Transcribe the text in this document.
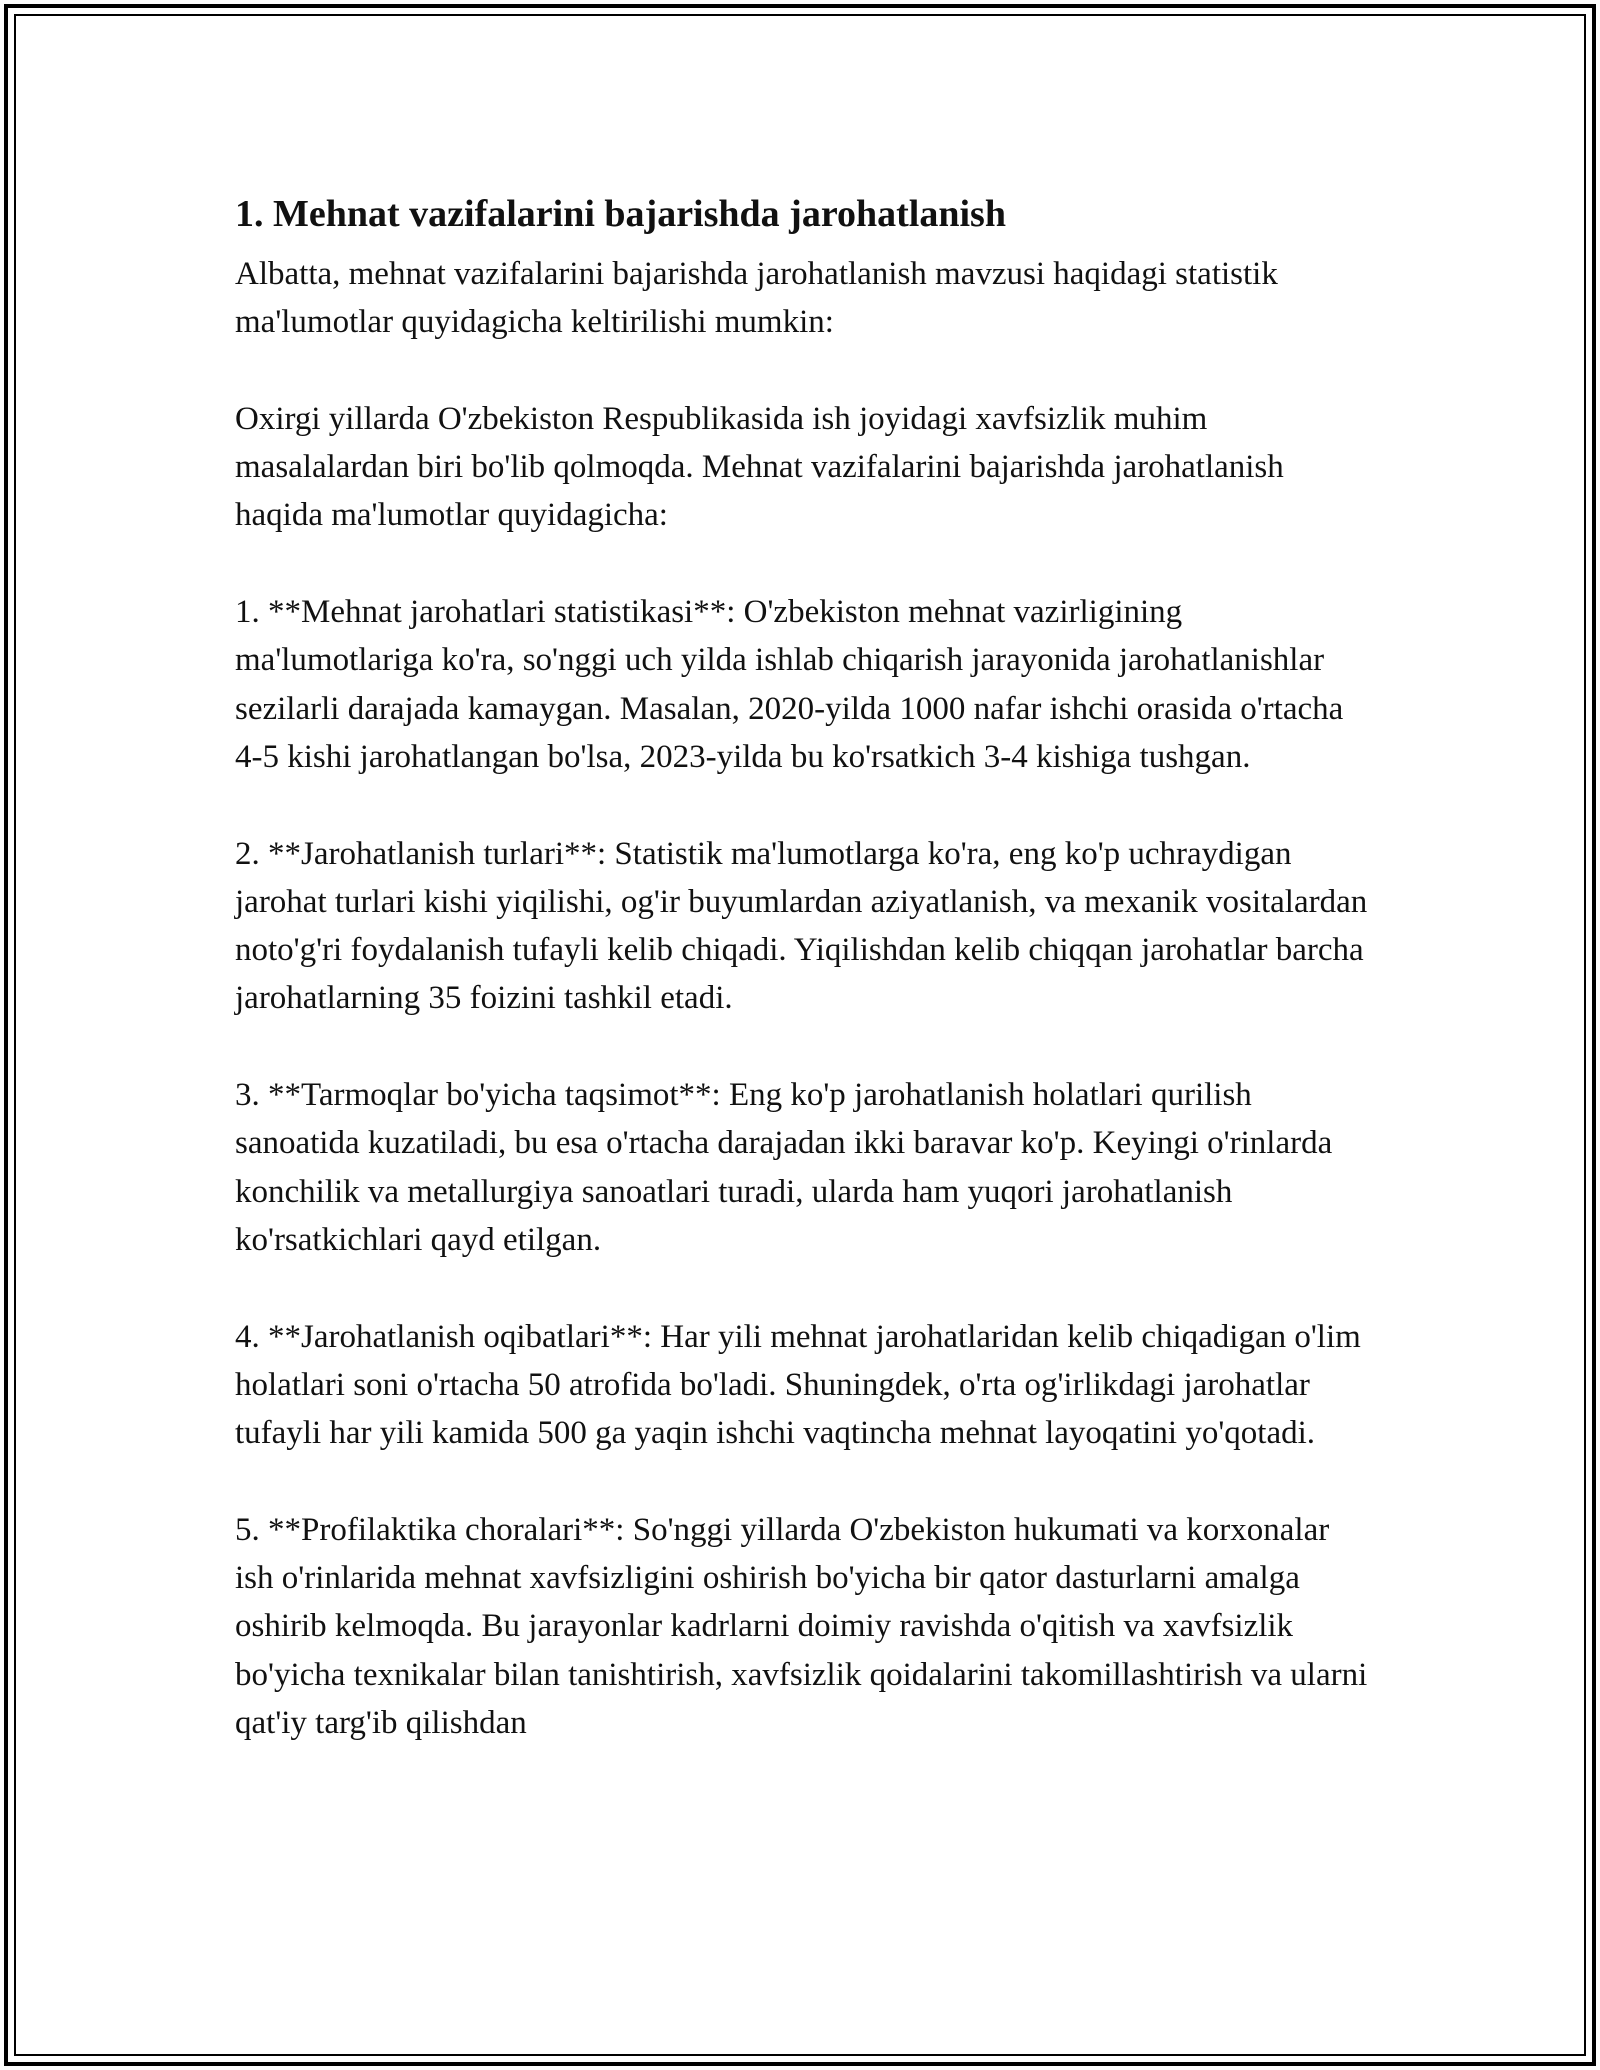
1. Mehnat vazifalarini bajarishda jarohatlanish

Albatta, mehnat vazifalarini bajarishda jarohatlanish mavzusi haqidagi statistik ma'lumotlar quyidagicha keltirilishi mumkin:

Oxirgi yillarda O'zbekiston Respublikasida ish joyidagi xavfsizlik muhim masalalardan biri bo'lib qolmoqda. Mehnat vazifalarini bajarishda jarohatlanish haqida ma'lumotlar quyidagicha:

1. **Mehnat jarohatlari statistikasi**: O'zbekiston mehnat vazirligining ma'lumotlariga ko'ra, so'nggi uch yilda ishlab chiqarish jarayonida jarohatlanishlar sezilarli darajada kamaygan. Masalan, 2020-yilda 1000 nafar ishchi orasida o'rtacha 4-5 kishi jarohatlangan bo'lsa, 2023-yilda bu ko'rsatkich 3-4 kishiga tushgan.

2. **Jarohatlanish turlari**: Statistik ma'lumotlarga ko'ra, eng ko'p uchraydigan jarohat turlari kishi yiqilishi, og'ir buyumlardan aziyatlanish, va mexanik vositalardan noto'g'ri foydalanish tufayli kelib chiqadi. Yiqilishdan kelib chiqqan jarohatlar barcha jarohatlarning 35 foizini tashkil etadi.

3. **Tarmoqlar bo'yicha taqsimot**: Eng ko'p jarohatlanish holatlari qurilish sanoatida kuzatiladi, bu esa o'rtacha darajadan ikki baravar ko'p. Keyingi o'rinlarda konchilik va metallurgiya sanoatlari turadi, ularda ham yuqori jarohatlanish ko'rsatkichlari qayd etilgan.

4. **Jarohatlanish oqibatlari**: Har yili mehnat jarohatlaridan kelib chiqadigan o'lim holatlari soni o'rtacha 50 atrofida bo'ladi. Shuningdek, o'rta og'irlikdagi jarohatlar tufayli har yili kamida 500 ga yaqin ishchi vaqtincha mehnat layoqatini yo'qotadi.

5. **Profilaktika choralari**: So'nggi yillarda O'zbekiston hukumati va korxonalar ish o'rinlarida mehnat xavfsizligini oshirish bo'yicha bir qator dasturlarni amalga oshirib kelmoqda. Bu jarayonlar kadrlarni doimiy ravishda o'qitish va xavfsizlik bo'yicha texnikalar bilan tanishtirish, xavfsizlik qoidalarini takomillashtirish va ularni qat'iy targ'ib qilishdan
